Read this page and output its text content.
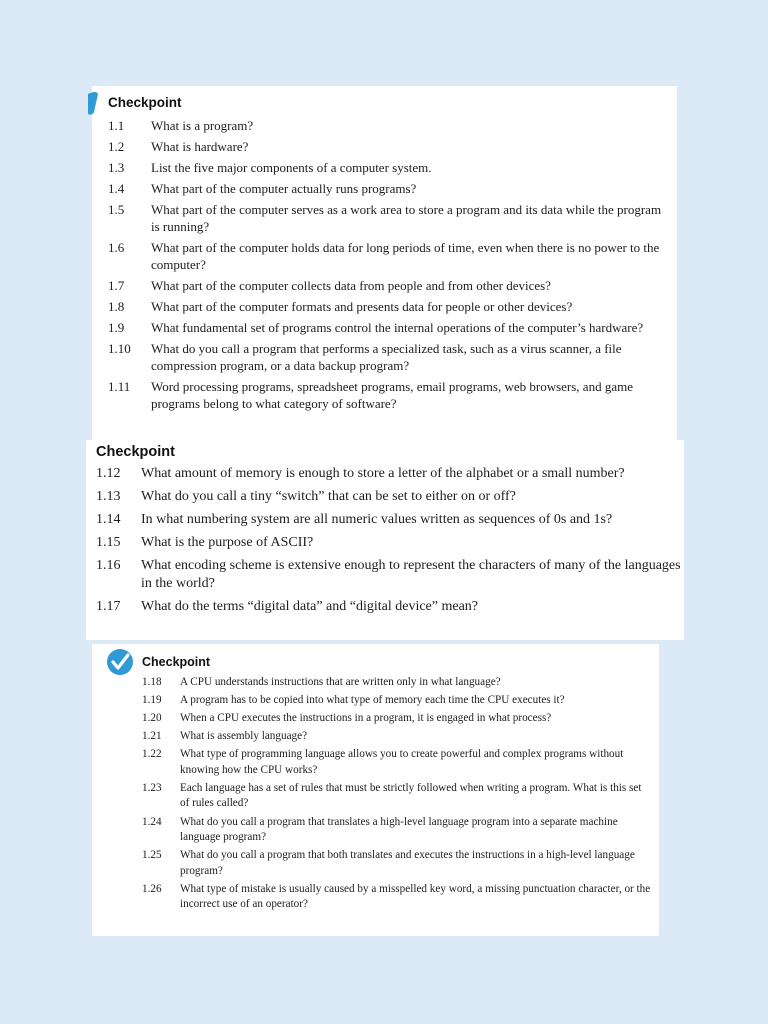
Checkpoint
1.1	What is a program?
1.2	What is hardware?
1.3	List the five major components of a computer system.
1.4	What part of the computer actually runs programs?
1.5	What part of the computer serves as a work area to store a program and its data while the program is running?
1.6	What part of the computer holds data for long periods of time, even when there is no power to the computer?
1.7	What part of the computer collects data from people and from other devices?
1.8	What part of the computer formats and presents data for people or other devices?
1.9	What fundamental set of programs control the internal operations of the computer’s hardware?
1.10	What do you call a program that performs a specialized task, such as a virus scanner, a file compression program, or a data backup program?
1.11	Word processing programs, spreadsheet programs, email programs, web browsers, and game programs belong to what category of software?
Checkpoint
1.12	What amount of memory is enough to store a letter of the alphabet or a small number?
1.13	What do you call a tiny “switch” that can be set to either on or off?
1.14	In what numbering system are all numeric values written as sequences of 0s and 1s?
1.15	What is the purpose of ASCII?
1.16	What encoding scheme is extensive enough to represent the characters of many of the languages in the world?
1.17	What do the terms “digital data” and “digital device” mean?
Checkpoint
1.18	A CPU understands instructions that are written only in what language?
1.19	A program has to be copied into what type of memory each time the CPU executes it?
1.20	When a CPU executes the instructions in a program, it is engaged in what process?
1.21	What is assembly language?
1.22	What type of programming language allows you to create powerful and complex programs without knowing how the CPU works?
1.23	Each language has a set of rules that must be strictly followed when writing a program. What is this set of rules called?
1.24	What do you call a program that translates a high-level language program into a separate machine language program?
1.25	What do you call a program that both translates and executes the instructions in a high-level language program?
1.26	What type of mistake is usually caused by a misspelled key word, a missing punctuation character, or the incorrect use of an operator?
